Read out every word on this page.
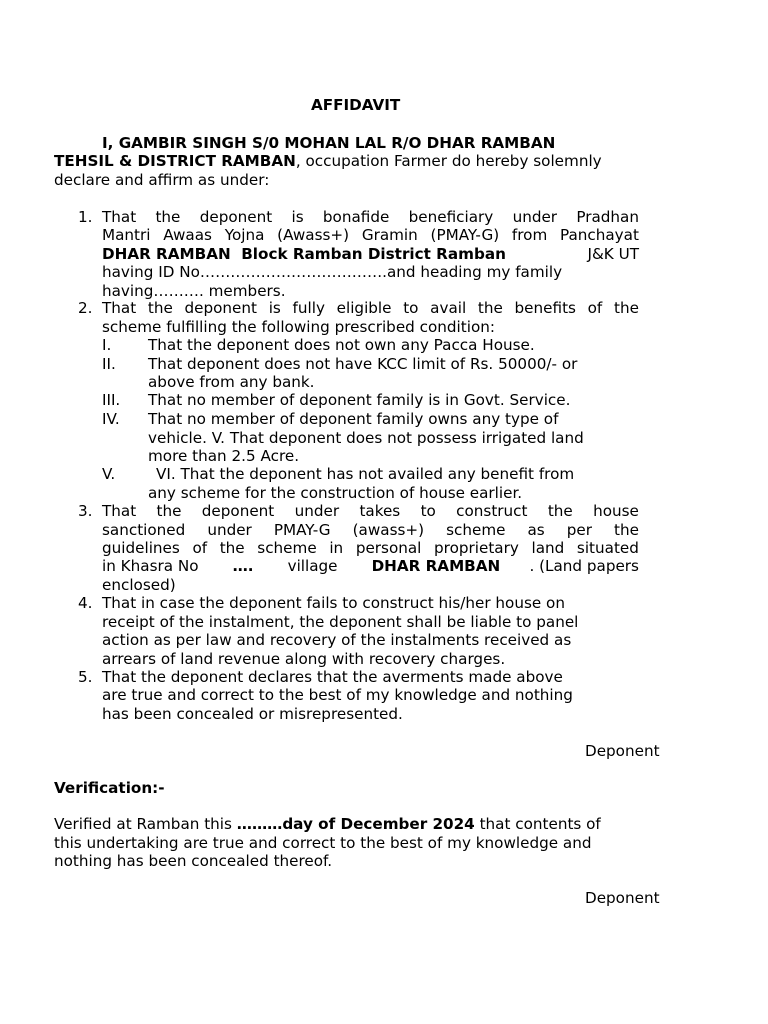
AFFIDAVIT
I, GAMBIR SINGH S/0 MOHAN LAL R/O DHAR RAMBAN
TEHSIL & DISTRICT RAMBAN, occupation Farmer do hereby solemnly
declare and affirm as under:
1. That the deponent is bonafide beneficiary under Pradhan
Mantri Awaas Yojna (Awass+) Gramin (PMAY-G) from Panchayat
DHAR RAMBAN  Block Ramban District Ramban	J&K UT
having ID No……………………………….and heading my family
having………. members.
2. That the deponent is fully eligible to avail the benefits of the
scheme fulfilling the following prescribed condition:
I. That the deponent does not own any Pacca House.
II. That deponent does not have KCC limit of Rs. 50000/- or
above from any bank.
III. That no member of deponent family is in Govt. Service.
IV. That no member of deponent family owns any type of
vehicle. V. That deponent does not possess irrigated land
more than 2.5 Acre.
V.	VI. That the deponent has not availed any benefit from
any scheme for the construction of house earlier.
3. That the deponent under takes to construct the house
sanctioned under PMAY-G (awass+) scheme as per the
guidelines of the scheme in personal proprietary land situated
in Khasra No …. village DHAR RAMBAN . (Land papers
enclosed)
4. That in case the deponent fails to construct his/her house on
receipt of the instalment, the deponent shall be liable to panel
action as per law and recovery of the instalments received as
arrears of land revenue along with recovery charges.
5. That the deponent declares that the averments made above
are true and correct to the best of my knowledge and nothing
has been concealed or misrepresented.
Deponent
Verification:-
Verified at Ramban this ………day of December 2024 that contents of
this undertaking are true and correct to the best of my knowledge and
nothing has been concealed thereof.
Deponent
